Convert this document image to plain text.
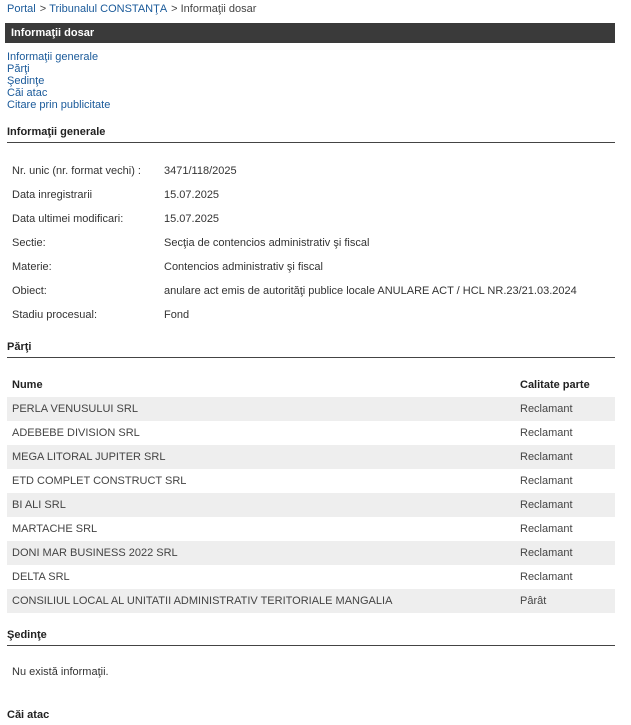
Portal > Tribunalul CONSTANŢA > Informaţii dosar
Informaţii dosar
Informaţii generale
Părţi
Şedinţe
Căi atac
Citare prin publicitate
Informaţii generale
Nr. unic (nr. format vechi) :	3471/118/2025
Data inregistrarii	15.07.2025
Data ultimei modificari:	15.07.2025
Sectie:	Secţia de contencios administrativ şi fiscal
Materie:	Contencios administrativ şi fiscal
Obiect:	anulare act emis de autorităţi publice locale ANULARE ACT / HCL NR.23/21.03.2024
Stadiu procesual:	Fond
Părţi
Nume	Calitate parte
PERLA VENUSULUI SRL	Reclamant
ADEBEBE DIVISION SRL	Reclamant
MEGA LITORAL JUPITER SRL	Reclamant
ETD COMPLET CONSTRUCT SRL	Reclamant
BI ALI SRL	Reclamant
MARTACHE SRL	Reclamant
DONI MAR BUSINESS 2022 SRL	Reclamant
DELTA SRL	Reclamant
CONSILIUL LOCAL AL UNITATII ADMINISTRATIV TERITORIALE MANGALIA	Pârât
Şedinţe
Nu există informaţii.
Căi atac
